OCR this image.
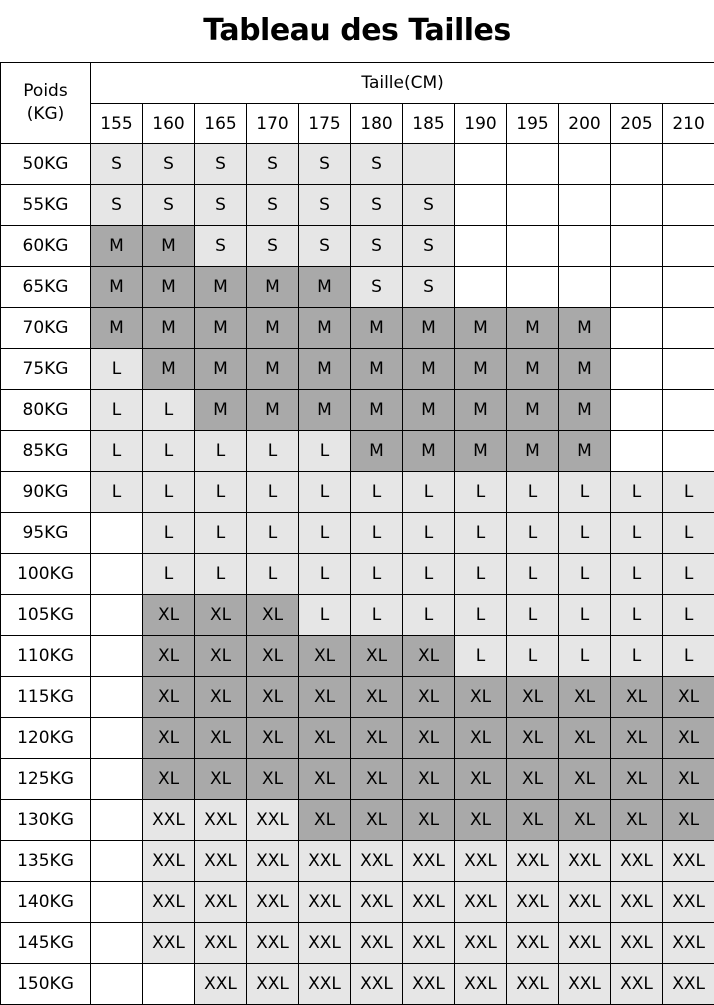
Tableau des Tailles
Poids
(KG)	Taille(CM)											
	155	160	165	170	175	180	185	190	195	200	205	210
50KG	S	S	S	S	S	S						
55KG	S	S	S	S	S	S	S					
60KG	M	M	S	S	S	S	S					
65KG	M	M	M	M	M	S	S					
70KG	M	M	M	M	M	M	M	M	M	M		
75KG	L	M	M	M	M	M	M	M	M	M		
80KG	L	L	M	M	M	M	M	M	M	M		
85KG	L	L	L	L	L	M	M	M	M	M		
90KG	L	L	L	L	L	L	L	L	L	L	L	L
95KG		L	L	L	L	L	L	L	L	L	L	L
100KG		L	L	L	L	L	L	L	L	L	L	L
105KG		XL	XL	XL	L	L	L	L	L	L	L	L
110KG		XL	XL	XL	XL	XL	XL	L	L	L	L	L
115KG		XL	XL	XL	XL	XL	XL	XL	XL	XL	XL	XL
120KG		XL	XL	XL	XL	XL	XL	XL	XL	XL	XL	XL
125KG		XL	XL	XL	XL	XL	XL	XL	XL	XL	XL	XL
130KG		XXL	XXL	XXL	XL	XL	XL	XL	XL	XL	XL	XL
135KG		XXL	XXL	XXL	XXL	XXL	XXL	XXL	XXL	XXL	XXL	XXL
140KG		XXL	XXL	XXL	XXL	XXL	XXL	XXL	XXL	XXL	XXL	XXL
145KG		XXL	XXL	XXL	XXL	XXL	XXL	XXL	XXL	XXL	XXL	XXL
150KG			XXL	XXL	XXL	XXL	XXL	XXL	XXL	XXL	XXL	XXL
